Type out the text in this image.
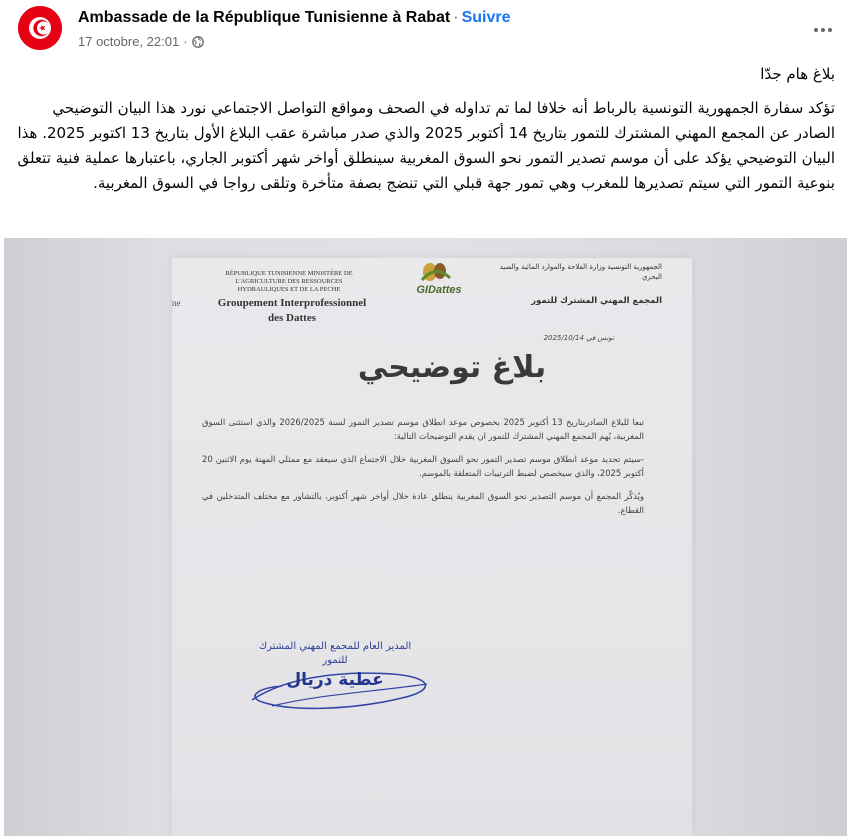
Ambassade de la République Tunisienne à Rabat · Suivre
17 octobre, 22:01 ·

بلاغ هام جدّا

تؤكد سفارة الجمهورية التونسية بالرباط أنه خلافا لما تم تداوله في الصحف ومواقع التواصل الاجتماعي نورد هذا البيان التوضيحي الصادر عن المجمع المهني المشترك للتمور بتاريخ 14 أكتوبر 2025 والذي صدر مباشرة عقب البلاغ الأول بتاريخ 13 اكتوبر 2025. هذا البيان التوضيحي يؤكد على أن موسم تصدير التمور نحو السوق المغربية سينطلق أواخر شهر أكتوبر الجاري، باعتبارها عملية فنية تتعلق بنوعية التمور التي سيتم تصديرها للمغرب وهي تمور جهة قبلي التي تنضج بصفة متأخرة وتلقى رواجا في السوق المغربية.

ne
RÉPUBLIQUE TUNISIENNE MINISTÈRE DE L'AGRICULTURE DES RESSOURCES HYDRAULIQUES ET DE LA PECHE
Groupement Interprofessionnel des Dattes
GIDattes
الجمهورية التونسية وزارة الفلاحة والموارد المائية والصيد البحري
المجمع المهني المشترك للتمور
تونس في 2025/10/14
بلاغ توضيحي

تبعا للبلاغ الصادربتاريخ 13 أكتوبر 2025 بخصوص موعد انطلاق موسم تصدير التمور لسنة 2026/2025 والذي استثنى السوق المغربية، يُهم المجمع المهني المشترك للتمور ان يقدم التوضيحات التالية:

-سيتم تحديد موعد انطلاق موسم تصدير التمور نحو السوق المغربية خلال الاجتماع الذي سيعقد مع ممثلي المهنة يوم الاثنين 20 أكتوبر 2025، والذي سيخصص لضبط الترتيبات المتعلقة بالموسم.

ويُذكّر المجمع أن موسم التصدير نحو السوق المغربية ينطلق عادة خلال أواخر شهر أكتوبر، بالتشاور مع مختلف المتدخلين في القطاع.

المدير العام للمجمع المهني المشترك للتمور
عطية دريال
